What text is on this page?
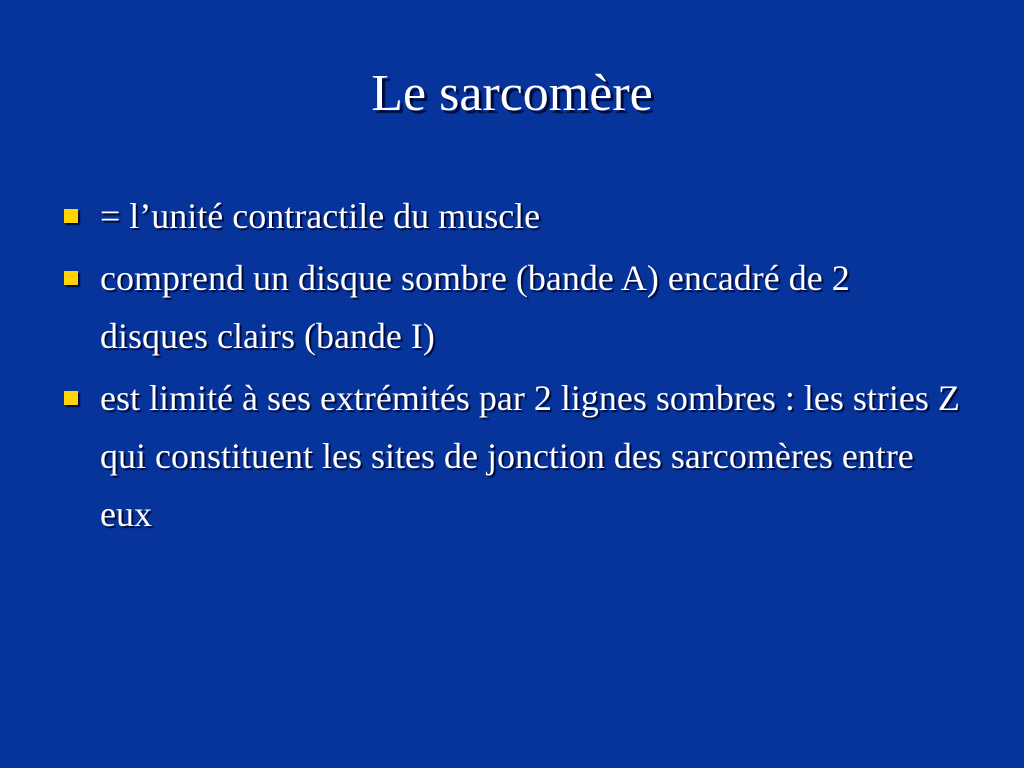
Le sarcomère
= l’unité contractile du muscle
comprend un disque sombre (bande A) encadré de 2 disques clairs (bande I)
est limité à ses extrémités par 2 lignes sombres : les stries Z qui constituent les sites de jonction des sarcomères entre eux
